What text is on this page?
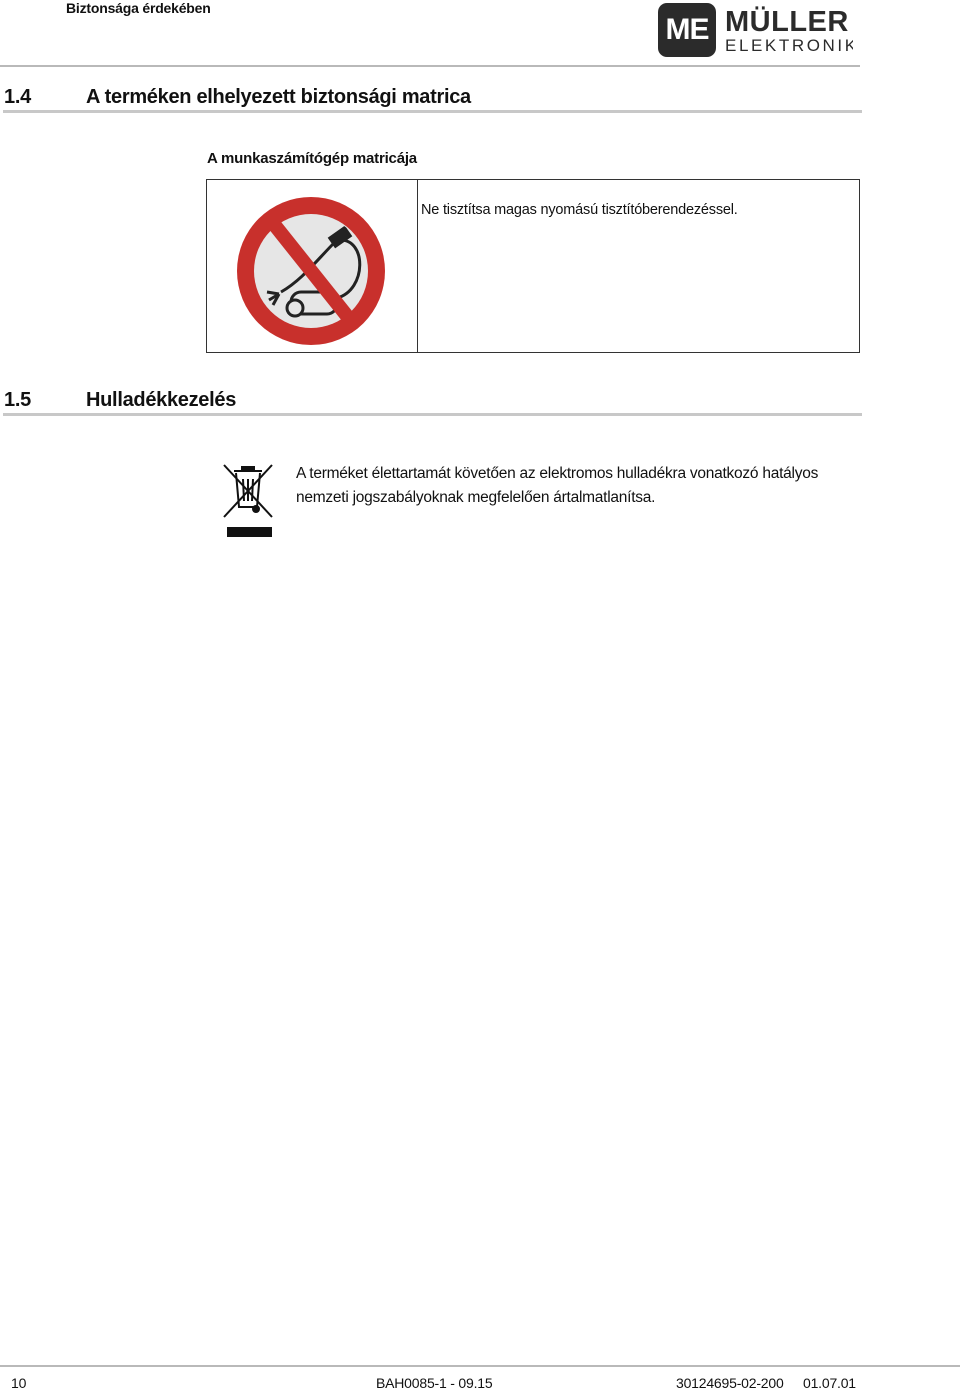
Biztonsága érdekében
ME MÜLLER
ELEKTRONIK
1.4	A terméken elhelyezett biztonsági matrica
A munkaszámítógép matricája
Ne tisztítsa magas nyomású tisztítóberendezéssel.
1.5	Hulladékkezelés
A terméket élettartamát követően az elektromos hulladékra vonatkozó hatályos nemzeti jogszabályoknak megfelelően ártalmatlanítsa.
10	BAH0085-1 - 09.15	30124695-02-200 01.07.01
